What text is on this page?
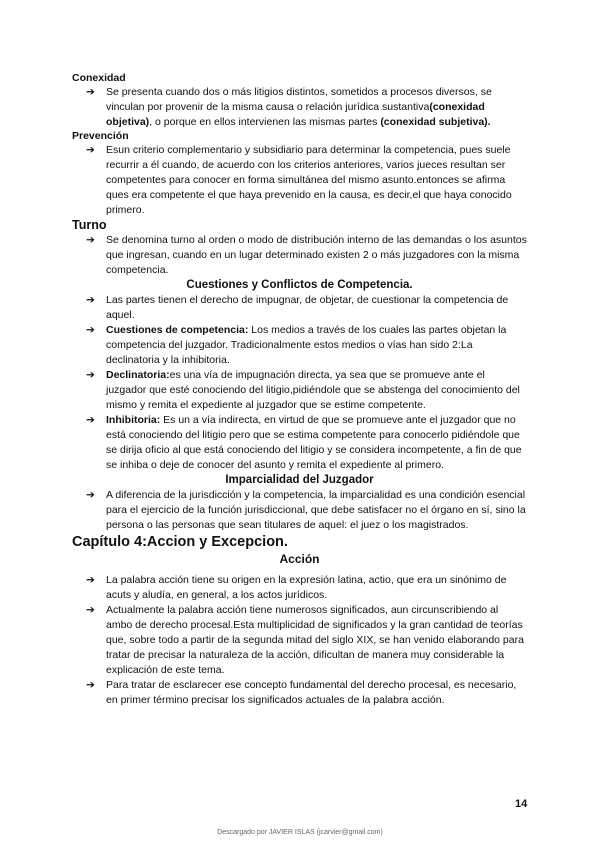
Conexidad

➔ Se presenta cuando dos o más litigios distintos, sometidos a procesos diversos, se vinculan por provenir de la misma causa o relación jurídica sustantiva(conexidad objetiva), o porque en ellos intervienen las mismas partes (conexidad subjetiva).

Prevención

➔ Esun criterio complementario y subsidiario para determinar la competencia, pues suele recurrir a él cuando, de acuerdo con los criterios anteriores, varios jueces resultan ser competentes para conocer en forma simultánea del mismo asunto.entonces se afirma ques era competente el que haya prevenido en la causa, es decir,el que haya conocido primero.

Turno

➔ Se denomina turno al orden o modo de distribución interno de las demandas o los asuntos que ingresan, cuando en un lugar determinado existen 2 o más juzgadores con la misma competencia.

Cuestiones y Conflictos de Competencia.

➔ Las partes tienen el derecho de impugnar, de objetar, de cuestionar la competencia de aquel.
➔ Cuestiones de competencia: Los medios a través de los cuales las partes objetan la competencia del juzgador. Tradicionalmente estos medios o vías han sido 2:La declinatoria y la inhibitoria.
➔ Declinatoria:es una vía de impugnación directa, ya sea que se promueve ante el juzgador que esté conociendo del litigio,pidiéndole que se abstenga del conocimiento del mismo y remita el expediente al juzgador que se estime competente.
➔ Inhibitoria: Es un a vía indirecta, en virtud de que se promueve ante el juzgador que no está conociendo del litigio pero que se estima competente para conocerlo pidiéndole que se dirija oficio al que está conociendo del litigio y se considera incompetente, a fin de que se inhiba o deje de conocer del asunto y remita el expediente al primero.

Imparcialidad del Juzgador

➔ A diferencia de la jurisdicción y la competencia, la imparcialidad es una condición esencial para el ejercicio de la función jurisdiccional, que debe satisfacer no el órgano en sí, sino la persona o las personas que sean titulares de aquel: el juez o los magistrados.

Capítulo 4:Accion y Excepcion.

Acción

➔ La palabra acción tiene su origen en la expresión latina, actio, que era un sinónimo de acuts y aludía, en general, a los actos jurídicos.
➔ Actualmente la palabra acción tiene numerosos significados, aun circunscribiendo al ambo de derecho procesal.Esta multiplicidad de significados y la gran cantidad de teorías que, sobre todo a partir de la segunda mitad del siglo XIX, se han venido elaborando para tratar de precisar la naturaleza de la acción, dificultan de manera muy considerable la explicación de este tema.
➔ Para tratar de esclarecer ese concepto fundamental del derecho procesal, es necesario, en primer término precisar los significados actuales de la palabra acción.
14
Descargado por JAVIER ISLAS (jcarvier@gmail.com)
